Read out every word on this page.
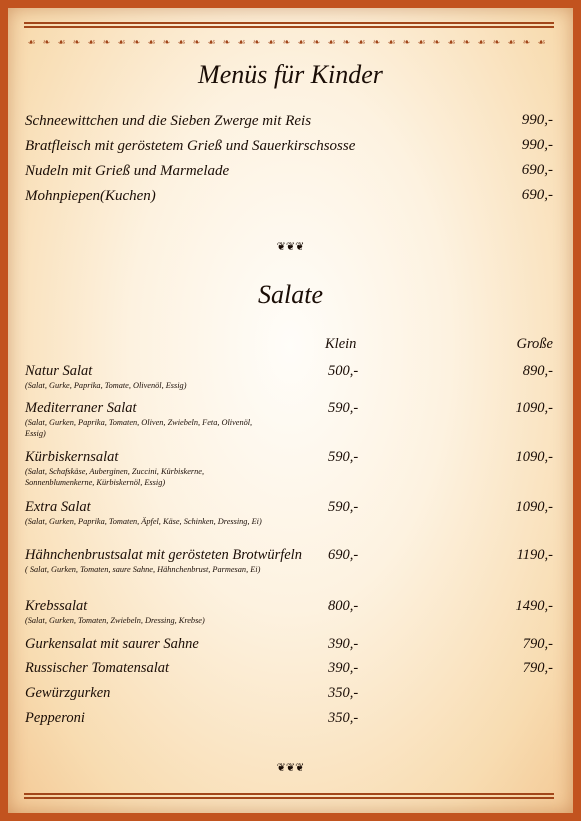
☙ ❧ ☙ ❧ ☙ ❧ ☙ ❧ ☙ ❧ ☙ ❧ ☙ ❧ ☙ ❧ ☙ ❧ ☙ ❧ ☙ ❧ ☙ ❧ ☙ ❧ ☙ ❧ ☙ ❧ ☙ ❧ ☙ ❧ ☙
Menüs für Kinder
Schneewittchen und die Sieben Zwerge mit Reis	990,-
Bratfleisch mit geröstetem Grieß und Sauerkirschsosse	990,-
Nudeln mit Grieß und Marmelade	690,-
Mohnpiepen(Kuchen)	690,-
❦❦❦
Salate
Klein	Große
Natur Salat
(Salat, Gurke, Paprika, Tomate, Olivenöl, Essig)
500,-	890,-
Mediterraner Salat
(Salat, Gurken, Paprika, Tomaten, Oliven, Zwiebeln, Feta, Olivenöl, Essig)
590,-	1090,-
Kürbiskernsalat
(Salat, Schafskäse, Auberginen, Zuccini, Kürbiskerne, Sonnenblumenkerne, Kürbiskernöl, Essig)
590,-	1090,-
Extra Salat
(Salat, Gurken, Paprika, Tomaten, Äpfel, Käse, Schinken, Dressing, Ei)
590,-	1090,-
Hähnchenbrustsalat mit gerösteten Brotwürfeln
( Salat, Gurken, Tomaten, saure Sahne, Hähnchenbrust, Parmesan, Ei)
690,-	1190,-
Krebssalat
(Salat, Gurken, Tomaten, Zwiebeln, Dressing, Krebse)
800,-	1490,-
Gurkensalat mit saurer Sahne	390,-	790,-
Russischer Tomatensalat	390,-	790,-
Gewürzgurken	350,-
Pepperoni	350,-
❦❦❦
